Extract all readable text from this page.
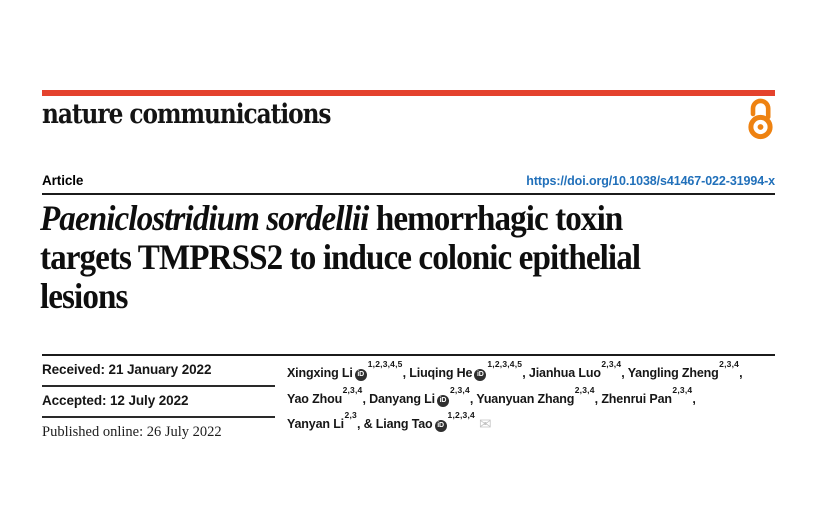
nature communications
Article	https://doi.org/10.1038/s41467-022-31994-x
Paeniclostridium sordellii hemorrhagic toxin
targets TMPRSS2 to induce colonic epithelial
lesions
Received: 21 January 2022
Accepted: 12 July 2022
Published online: 26 July 2022
Xingxing Li iD$^{1,2,3,4,5}$, Liuqing He iD$^{1,2,3,4,5}$, Jianhua Luo$^{2,3,4}$, Yangling Zheng$^{2,3,4}$,
Yao Zhou$^{2,3,4}$, Danyang Li iD$^{2,3,4}$, Yuanyuan Zhang$^{2,3,4}$, Zhenrui Pan$^{2,3,4}$,
Yanyan Li$^{2,3}$, & Liang Tao iD$^{1,2,3,4}$✉
